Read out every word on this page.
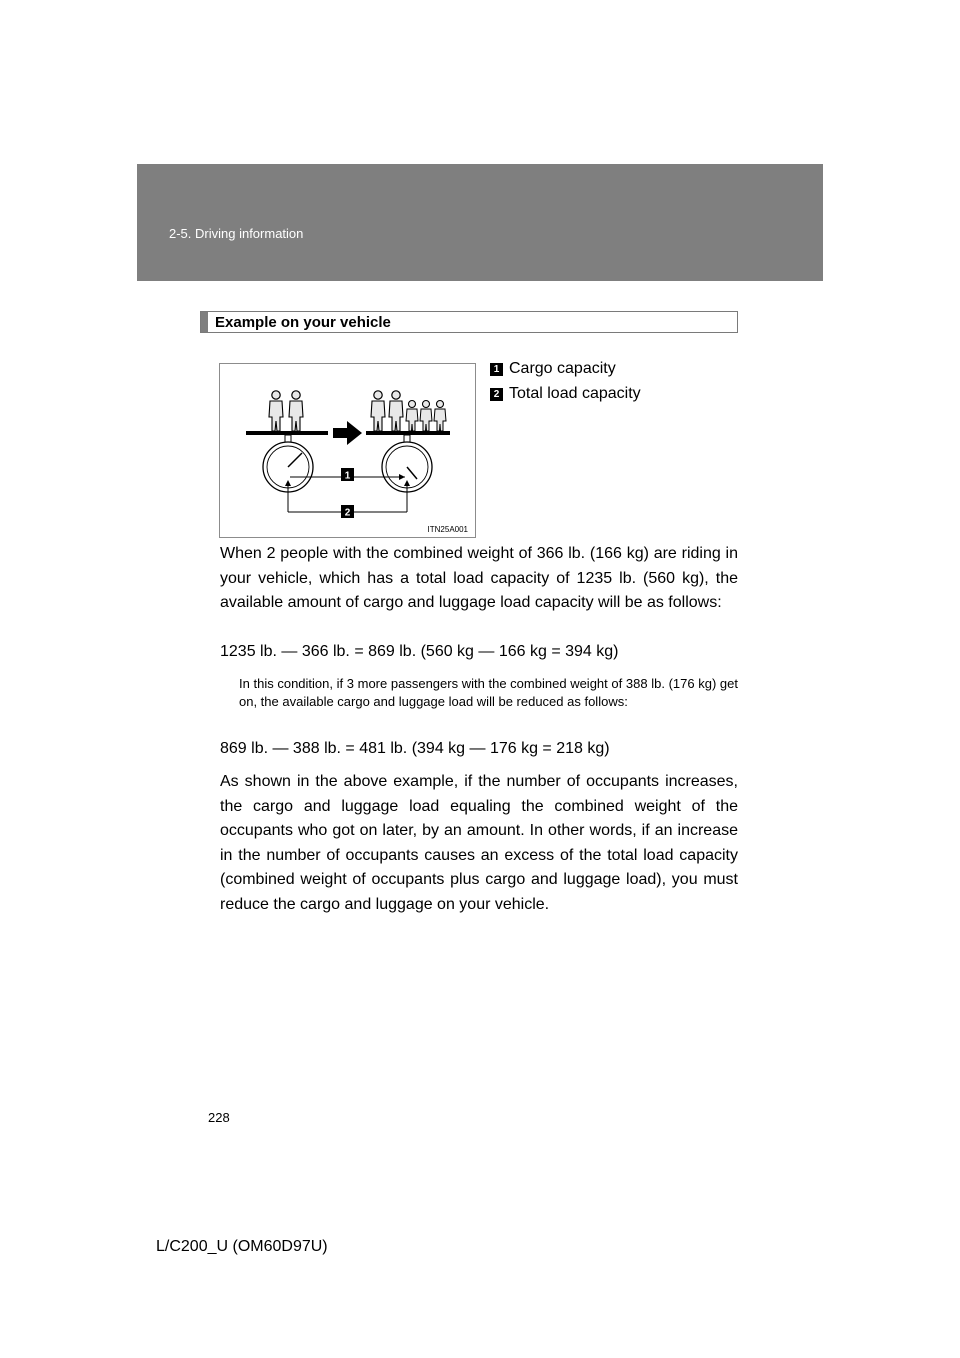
2-5. Driving information
Example on your vehicle
1
2
ITN25A001
1 Cargo capacity
2 Total load capacity

When 2 people with the combined weight of 366 lb. (166 kg) are riding in your vehicle, which has a total load capacity of 1235 lb. (560 kg), the available amount of cargo and luggage load capacity will be as follows:

1235 lb. — 366 lb. = 869 lb. (560 kg — 166 kg = 394 kg)

In this condition, if 3 more passengers with the combined weight of 388 lb. (176 kg) get on, the available cargo and luggage load will be reduced as follows:

869 lb. — 388 lb. = 481 lb. (394 kg — 176 kg = 218 kg)

As shown in the above example, if the number of occupants increases, the cargo and luggage load equaling the combined weight of the occupants who got on later, by an amount. In other words, if an increase in the number of occupants causes an excess of the total load capacity (combined weight of occupants plus cargo and luggage load), you must reduce the cargo and luggage on your vehicle.

228
L/C200_U (OM60D97U)
